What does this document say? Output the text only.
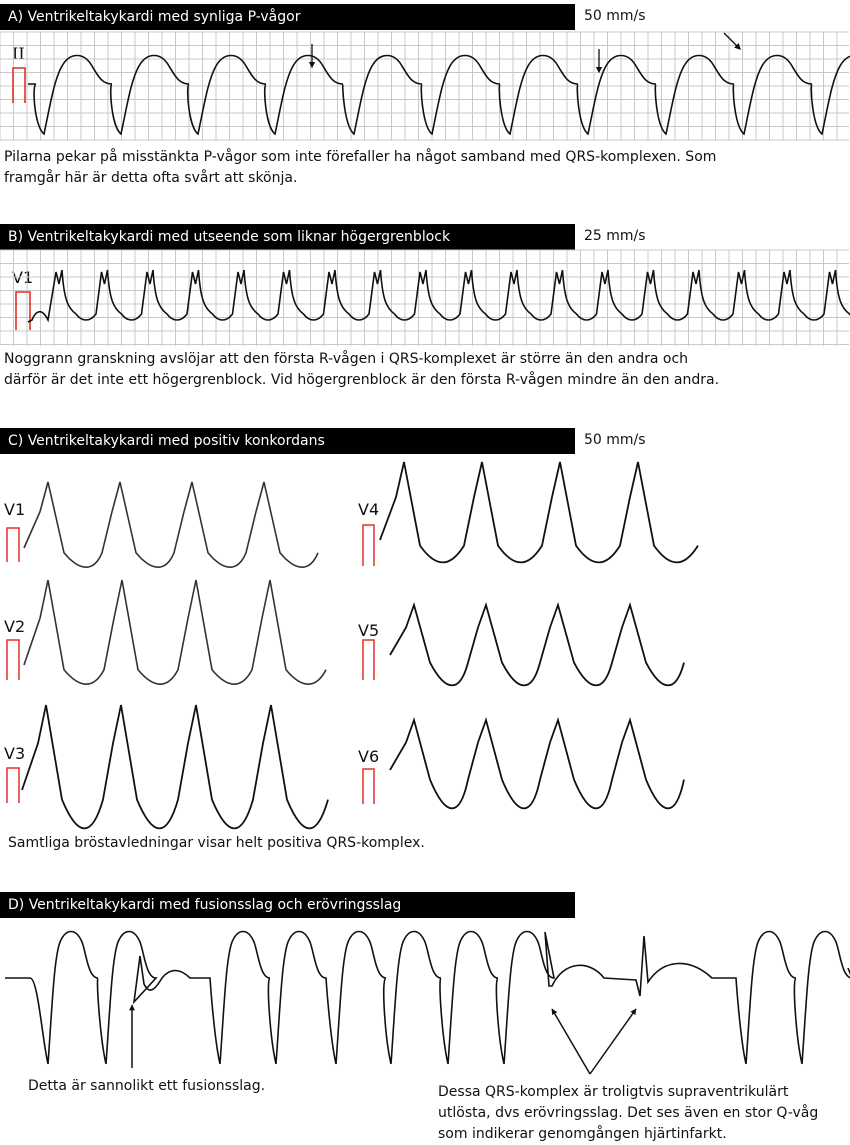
A) Ventrikeltakykardi med synliga P-vågor	50 mm/s
II
Pilarna pekar på misstänkta P-vågor som inte förefaller ha något samband med QRS-komplexen. Som framgår här är detta ofta svårt att skönja.
B) Ventrikeltakykardi med utseende som liknar högergrenblock	25 mm/s
V1
Noggrann granskning avslöjar att den första R-vågen i QRS-komplexet är större än den andra och därför är det inte ett högergrenblock. Vid högergrenblock är den första R-vågen mindre än den andra.
C) Ventrikeltakykardi med positiv konkordans	50 mm/s
V1
V2
V3
V4
V5
V6
Samtliga bröstavledningar visar helt positiva QRS-komplex.
D) Ventrikeltakykardi med fusionsslag och erövringsslag
Detta är sannolikt ett fusionsslag.	Dessa QRS-komplex är troligtvis supraventrikulärt utlösta, dvs erövringsslag. Det ses även en stor Q-våg som indikerar genomgången hjärtinfarkt.
